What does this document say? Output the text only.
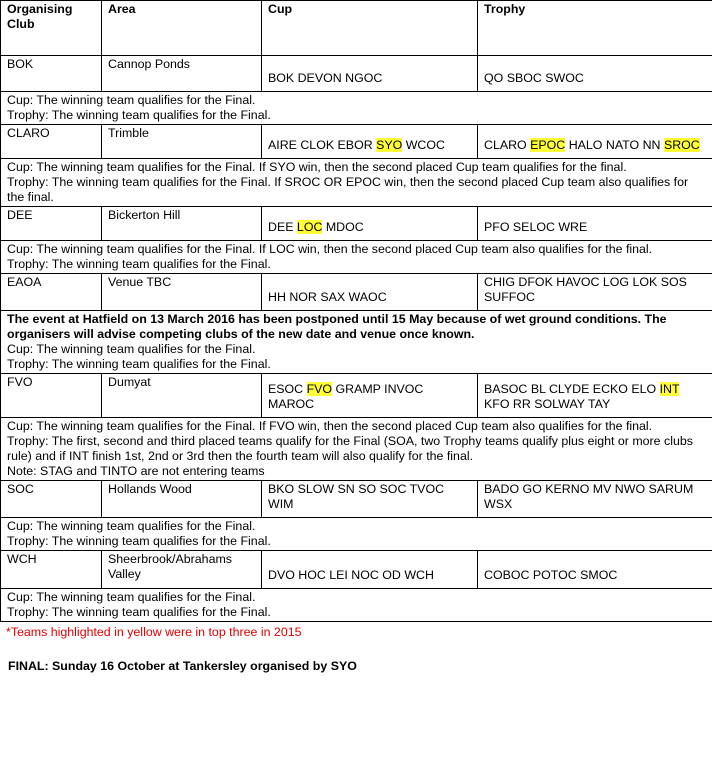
Organising Club	Area	Cup	Trophy
BOK	Cannop Ponds	BOK DEVON NGOC	QO SBOC SWOC

Cup: The winning team qualifies for the Final.
Trophy: The winning team qualifies for the Final.			

CLARO	Trimble	AIRE CLOK EBOR SYO WCOC	CLARO EPOC HALO NATO NN SROC

Cup: The winning team qualifies for the Final. If SYO win, then the second placed Cup team qualifies for the final.
Trophy: The winning team qualifies for the Final. If SROC OR EPOC win, then the second placed Cup team also qualifies for the final.			

DEE	Bickerton Hill	DEE LOC MDOC	PFO SELOC WRE

Cup: The winning team qualifies for the Final. If LOC win, then the second placed Cup team also qualifies for the final.
Trophy: The winning team qualifies for the Final.			

EAOA	Venue TBC	HH NOR SAX WAOC	CHIG DFOK HAVOC LOG LOK SOS SUFFOC

The event at Hatfield on 13 March 2016 has been postponed until 15 May because of wet ground conditions. The organisers will advise competing clubs of the new date and venue once known.
Cup: The winning team qualifies for the Final.
Trophy: The winning team qualifies for the Final.			

FVO	Dumyat	ESOC FVO GRAMP INVOC MAROC	BASOC BL CLYDE ECKO ELO INT KFO RR SOLWAY TAY

Cup: The winning team qualifies for the Final. If FVO win, then the second placed Cup team also qualifies for the final.
Trophy: The first, second and third placed teams qualify for the Final (SOA, two Trophy teams qualify plus eight or more clubs rule) and if INT finish 1st, 2nd or 3rd then the fourth team will also qualify for the final.
Note: STAG and TINTO are not entering teams			

SOC	Hollands Wood	BKO SLOW SN SO SOC TVOC WIM	BADO GO KERNO MV NWO SARUM WSX

Cup: The winning team qualifies for the Final.
Trophy: The winning team qualifies for the Final.			

WCH	Sheerbrook/Abrahams Valley	DVO HOC LEI NOC OD WCH	COBOC POTOC SMOC

Cup: The winning team qualifies for the Final.
Trophy: The winning team qualifies for the Final.			
*Teams highlighted in yellow were in top three in 2015
FINAL: Sunday 16 October at Tankersley organised by SYO
